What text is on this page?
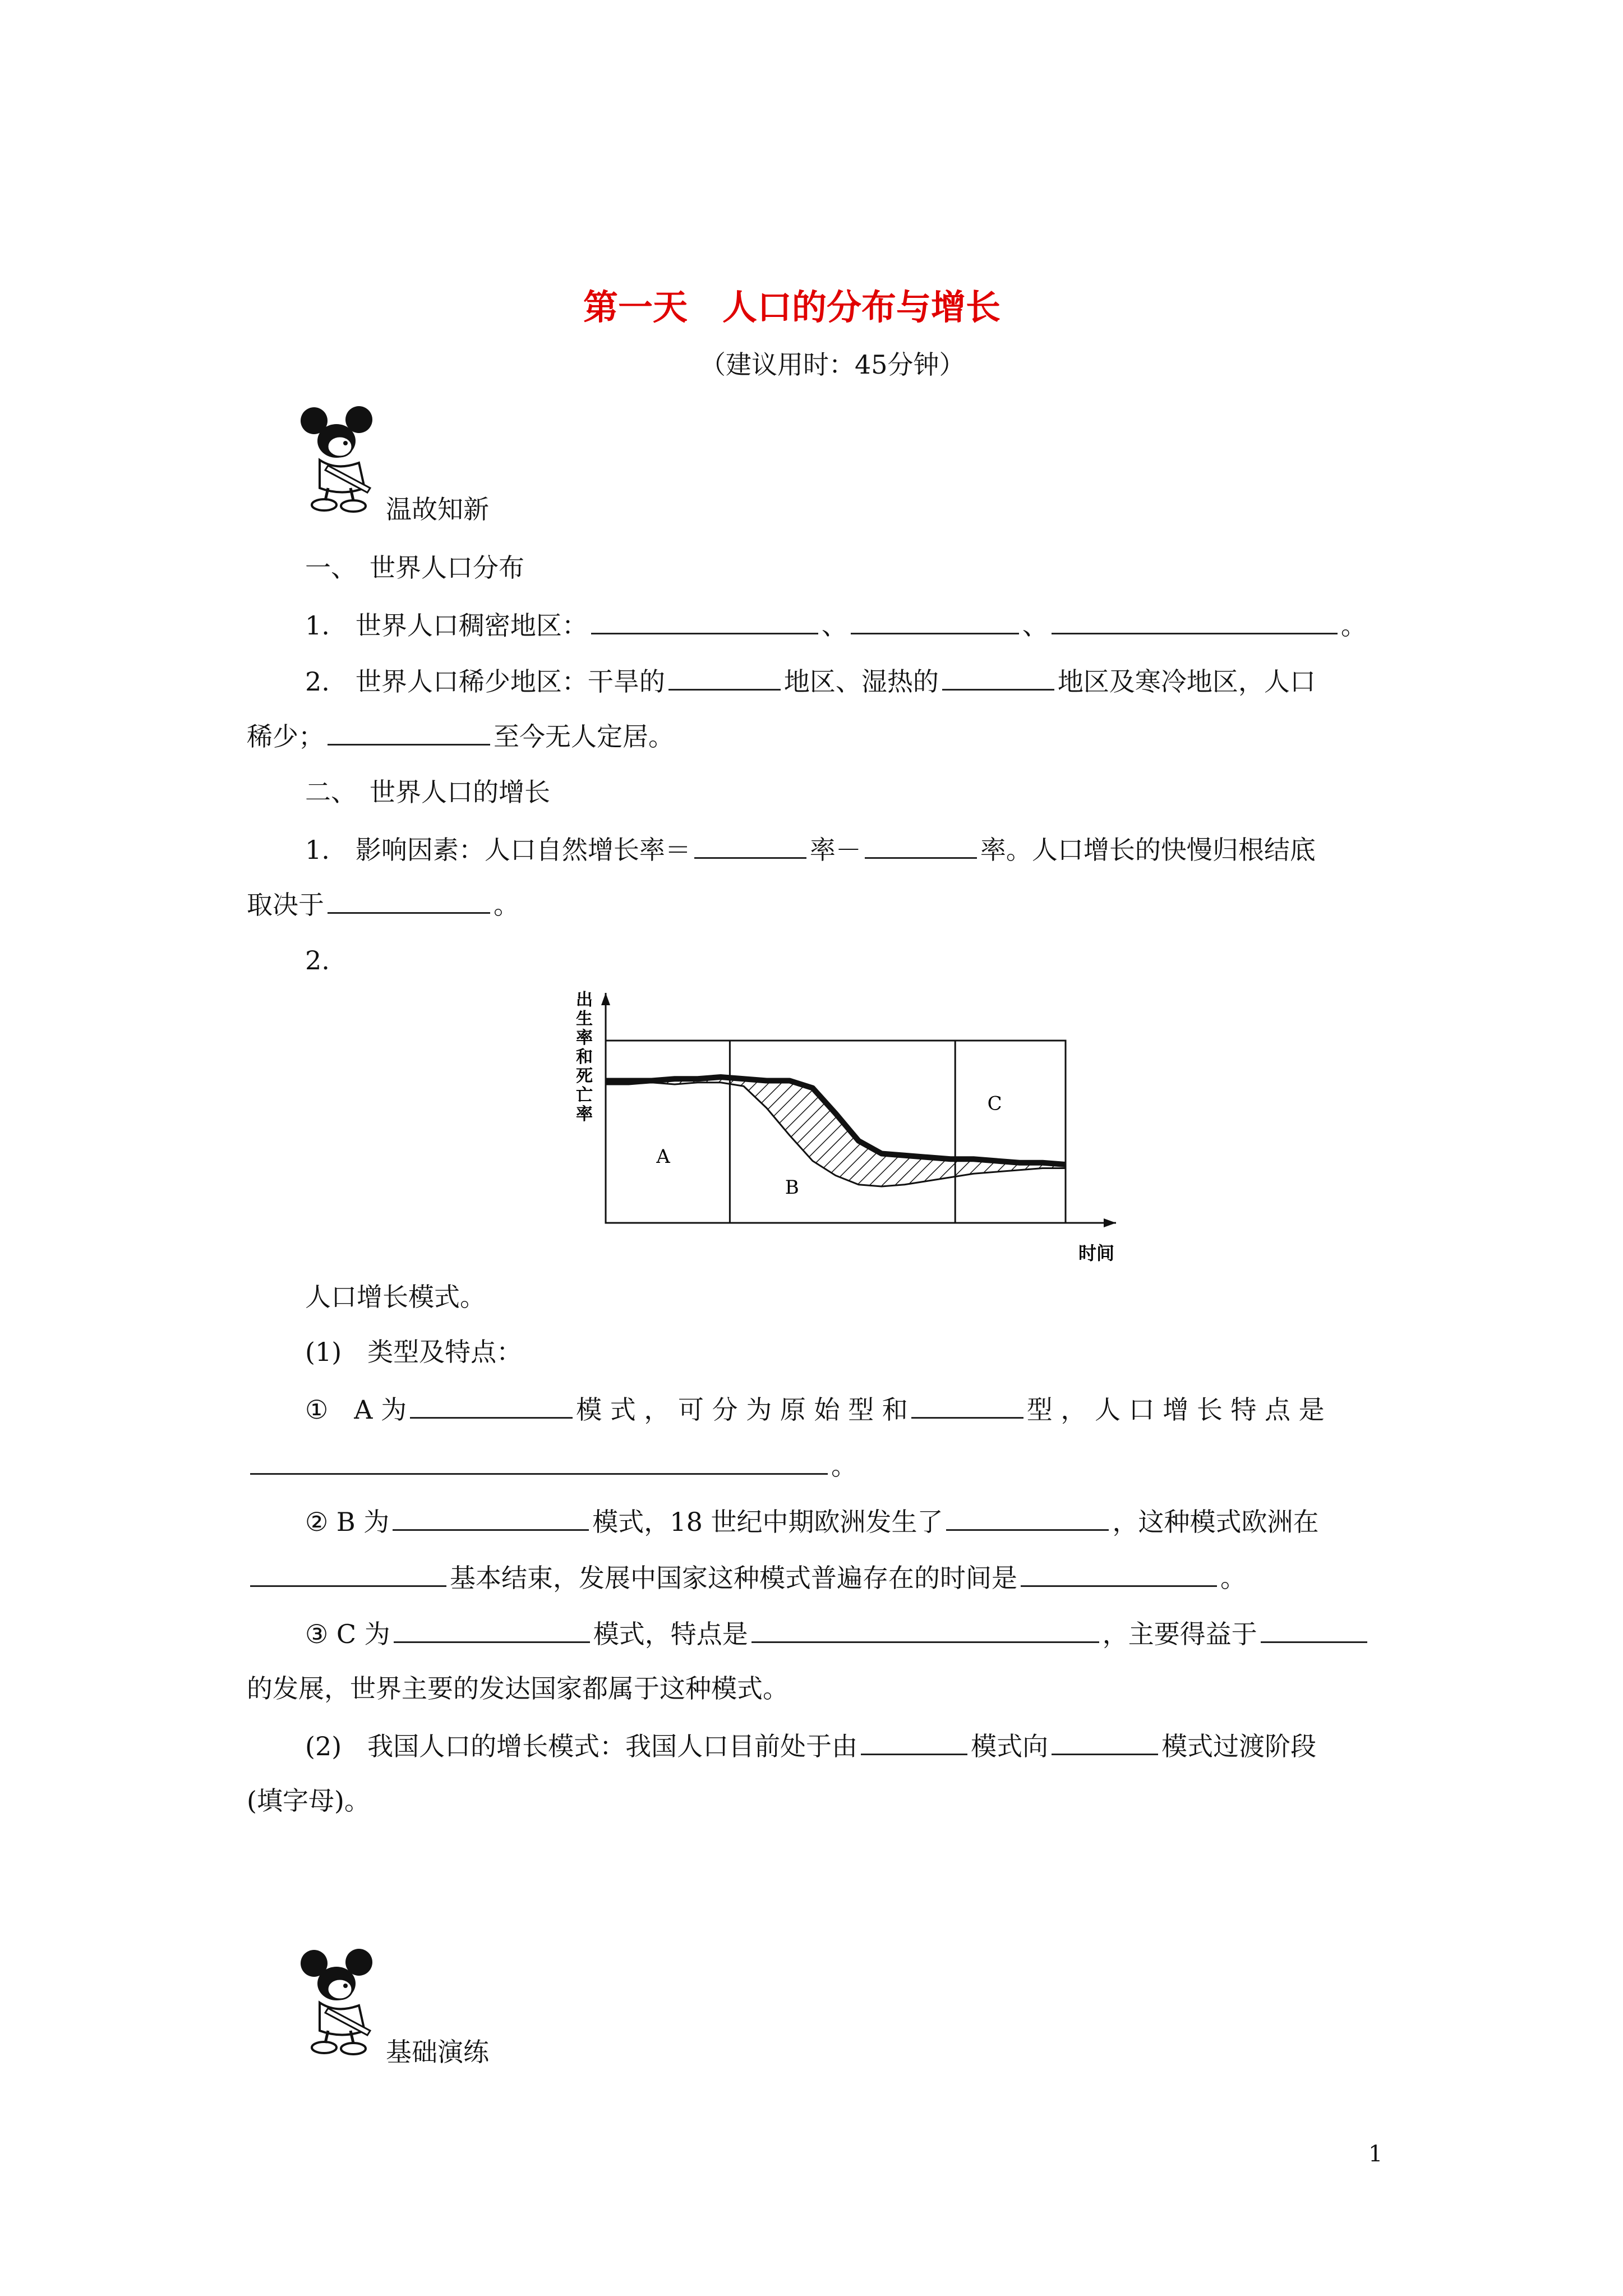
第一天　人口的分布与增长
（建议用时：45分钟）
温故知新
一、　世界人口分布
1.　世界人口稠密地区：	、	、	。
2.　世界人口稀少地区：干旱的	地区、湿热的	地区及寒冷地区，人口
稀少；	至今无人定居。
二、　世界人口的增长
1.　影响因素：人口自然增长率＝	率－	率。人口增长的快慢归根结底
取决于	。
2.
出
生
率
和
死
亡
率
时间
A
B
C
人口增长模式。
(1)　类型及特点：
①　A 为	模 式 ， 可 分 为 原 始 型 和	型 ， 人 口 增 长 特 点 是
。
② B 为	模式，18 世纪中期欧洲发生了	，这种模式欧洲在
基本结束，发展中国家这种模式普遍存在的时间是	。
③ C 为	模式，特点是	，主要得益于
的发展，世界主要的发达国家都属于这种模式。
(2)　我国人口的增长模式：我国人口目前处于由	模式向	模式过渡阶段
(填字母)。
基础演练
1
